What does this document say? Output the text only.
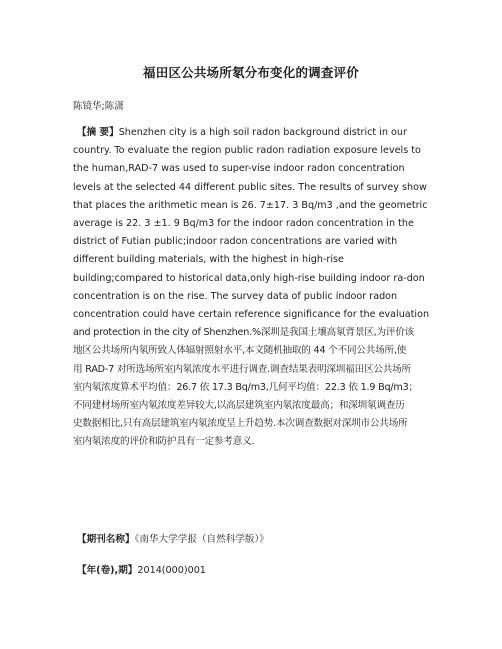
福田区公共场所氡分布变化的调查评价
陈镜华;陈潇
【摘 要】Shenzhen city is a high soil radon background district in our
country. To evaluate the region public radon radiation exposure levels to
the human,RAD-7 was used to super-vise indoor radon concentration
levels at the selected 44 different public sites. The results of survey show
that places the arithmetic mean is 26. 7±17. 3 Bq/m3 ,and the geometric
average is 22. 3 ±1. 9 Bq/m3 for the indoor radon concentration in the
district of Futian public;indoor radon concentrations are varied with
different building materials, with the highest in high-rise
building;compared to historical data,only high-rise building indoor ra-don
concentration is on the rise. The survey data of public indoor radon
concentration could have certain reference significance for the evaluation
and protection in the city of Shenzhen.%深圳是我国土壤高氡背景区,为评价该
地区公共场所内氡所致人体辐射照射水平,本文随机抽取的 44 个不同公共场所,使
用 RAD-7 对所选场所室内氡浓度水平进行调查.调查结果表明深圳福田区公共场所
室内氡浓度算术平均值：26.7 依 17.3 Bq/m3,几何平均值：22.3 依 1.9 Bq/m3；
不同建材场所室内氡浓度差异较大,以高层建筑室内氡浓度最高；和深圳氡调查历
史数据相比,只有高层建筑室内氡浓度呈上升趋势.本次调查数据对深圳市公共场所
室内氡浓度的评价和防护具有一定参考意义.
【期刊名称】《南华大学学报（自然科学版）》
【年(卷),期】2014(000)001
